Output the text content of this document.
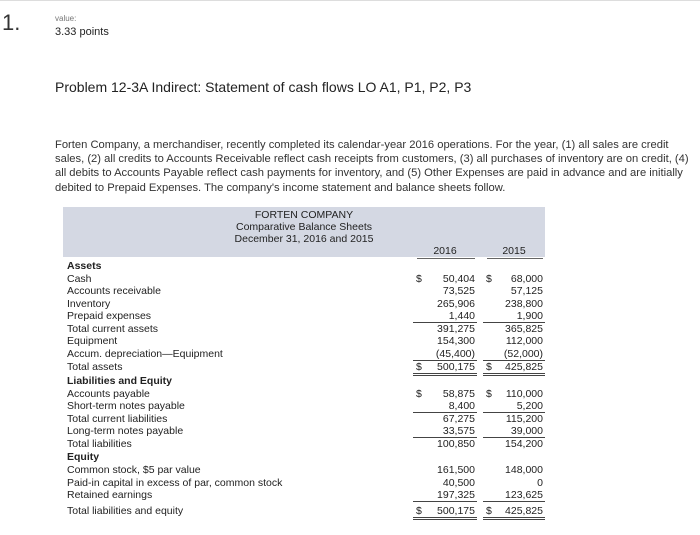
1.	value:
3.33 points
Problem 12-3A Indirect: Statement of cash flows LO A1, P1, P2, P3
Forten Company, a merchandiser, recently completed its calendar-year 2016 operations. For the year, (1) all sales are credit sales, (2) all credits to Accounts Receivable reflect cash receipts from customers, (3) all purchases of inventory are on credit, (4) all debits to Accounts Payable reflect cash payments for inventory, and (5) Other Expenses are paid in advance and are initially debited to Prepaid Expenses. The company's income statement and balance sheets follow.
FORTEN COMPANY
Comparative Balance Sheets
December 31, 2016 and 2015
2016	2015
Assets
Cash	$ 50,404 $ 68,000
Accounts receivable	73,525	57,125
Inventory	265,906	238,800
Prepaid expenses	1,440	1,900
Total current assets	391,275	365,825
Equipment	154,300	112,000
Accum. depreciation—Equipment	(45,400)	(52,000)
Total assets	$ 500,175 $ 425,825
Liabilities and Equity
Accounts payable	$ 58,875 $ 110,000
Short-term notes payable	8,400	5,200
Total current liabilities	67,275	115,200
Long-term notes payable	33,575	39,000
Total liabilities	100,850	154,200
Equity
Common stock, $5 par value	161,500	148,000
Paid-in capital in excess of par, common stock	40,500	0
Retained earnings	197,325	123,625
Total liabilities and equity	$ 500,175 $ 425,825
